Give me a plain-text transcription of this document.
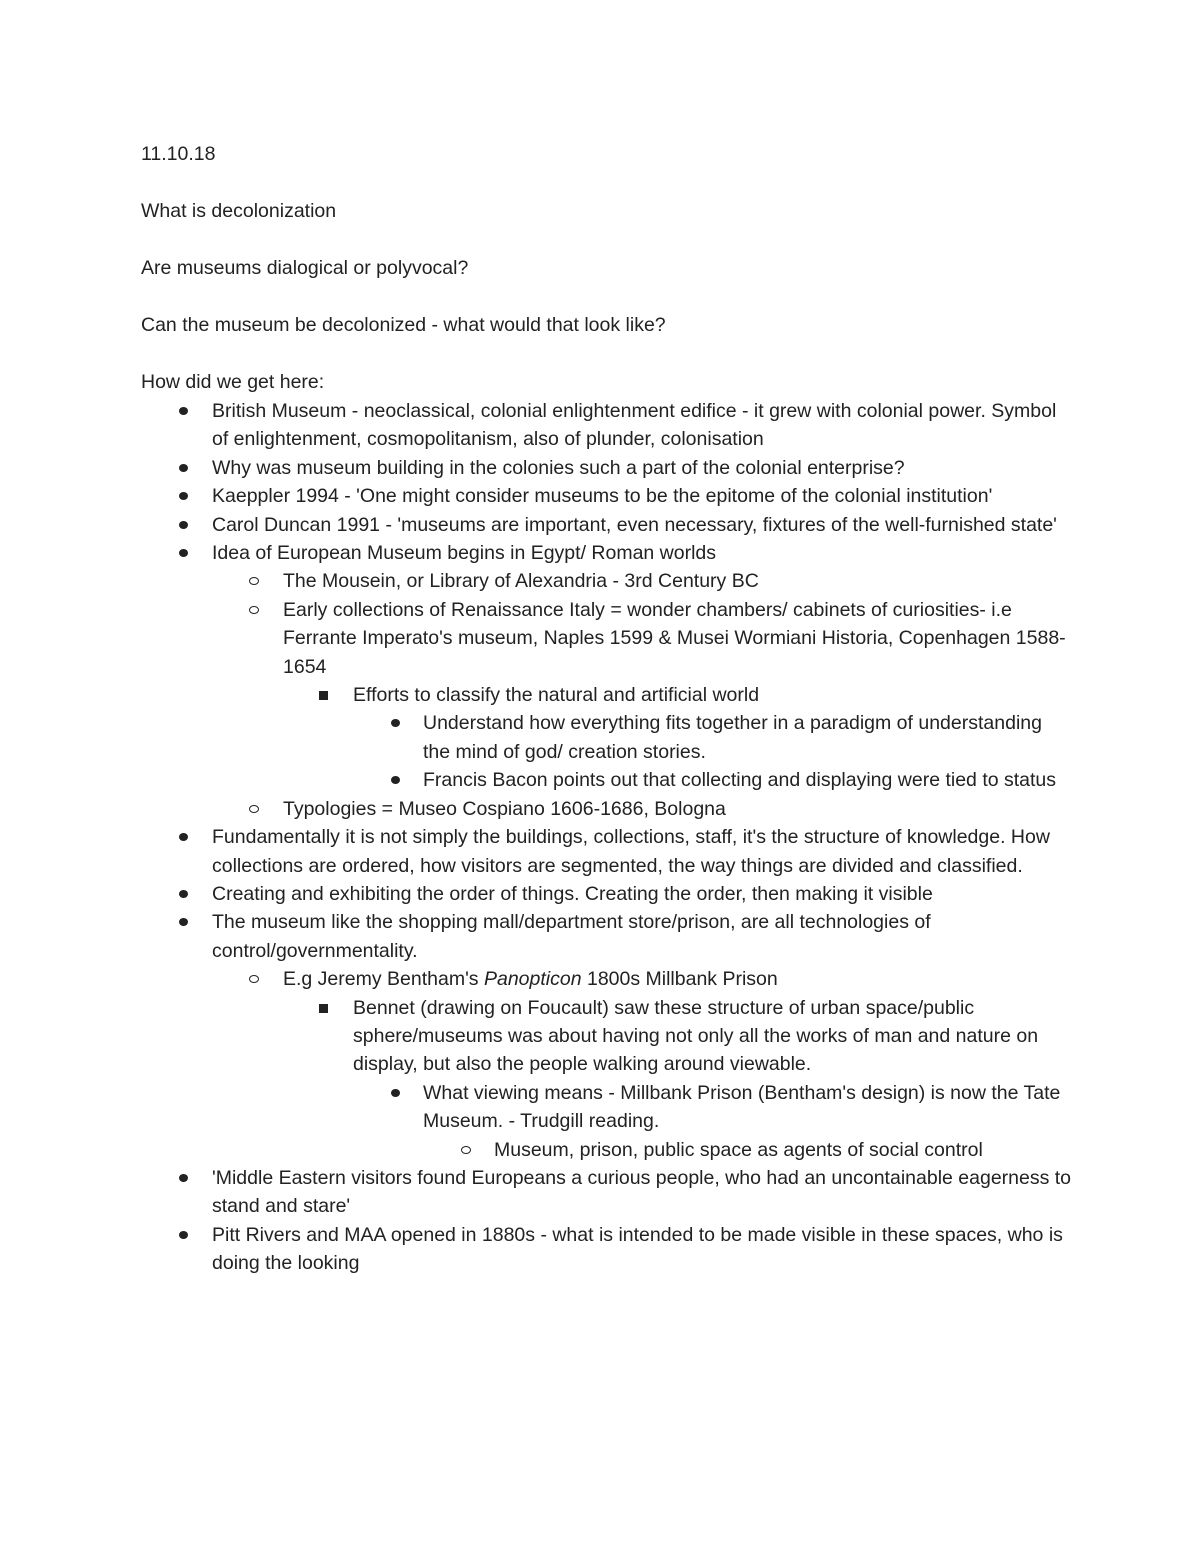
11.10.18

What is decolonization

Are museums dialogical or polyvocal?

Can the museum be decolonized - what would that look like?

How did we get here:

British Museum - neoclassical, colonial enlightenment edifice - it grew with colonial power. Symbol of enlightenment, cosmopolitanism, also of plunder, colonisation
Why was museum building in the colonies such a part of the colonial enterprise?
Kaeppler 1994 - 'One might consider museums to be the epitome of the colonial institution'
Carol Duncan 1991 - 'museums are important, even necessary, fixtures of the well-furnished state'
Idea of European Museum begins in Egypt/ Roman worlds
The Mousein, or Library of Alexandria - 3rd Century BC
Early collections of Renaissance Italy = wonder chambers/ cabinets of curiosities- i.e Ferrante Imperato's museum, Naples 1599 & Musei Wormiani Historia, Copenhagen 1588-1654
Efforts to classify the natural and artificial world
Understand how everything fits together in a paradigm of understanding the mind of god/ creation stories.
Francis Bacon points out that collecting and displaying were tied to status
Typologies = Museo Cospiano 1606-1686, Bologna
Fundamentally it is not simply the buildings, collections, staff, it's the structure of knowledge. How collections are ordered, how visitors are segmented, the way things are divided and classified.
Creating and exhibiting the order of things. Creating the order, then making it visible
The museum like the shopping mall/department store/prison, are all technologies of control/governmentality.
E.g Jeremy Bentham's Panopticon 1800s Millbank Prison
Bennet (drawing on Foucault) saw these structure of urban space/public sphere/museums was about having not only all the works of man and nature on display, but also the people walking around viewable.
What viewing means - Millbank Prison (Bentham's design) is now the Tate Museum. - Trudgill reading.
Museum, prison, public space as agents of social control
'Middle Eastern visitors found Europeans a curious people, who had an uncontainable eagerness to stand and stare'
Pitt Rivers and MAA opened in 1880s - what is intended to be made visible in these spaces, who is doing the looking
